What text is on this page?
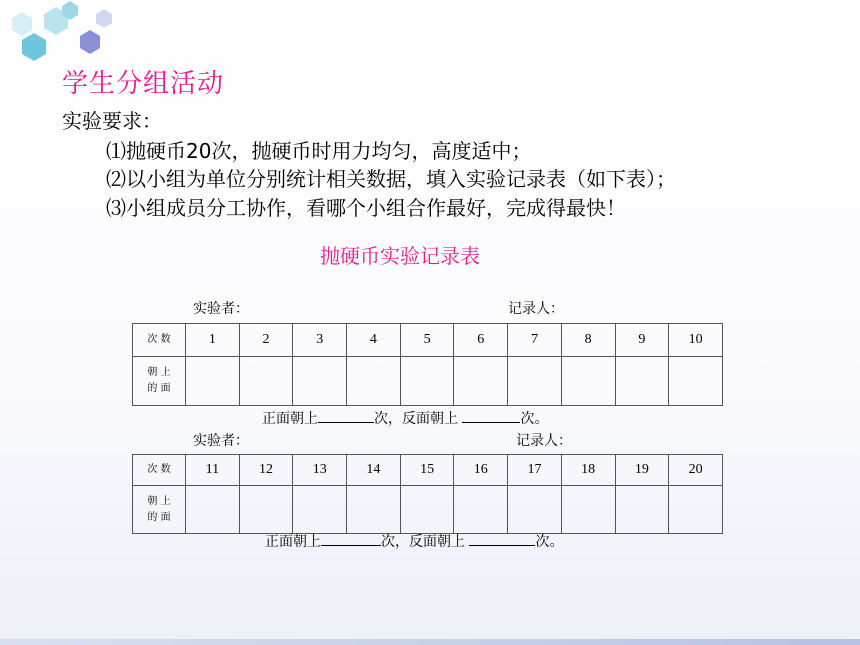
学生分组活动
实验要求：
⑴抛硬币20次，抛硬币时用力均匀，高度适中；
⑵以小组为单位分别统计相关数据，填入实验记录表（如下表）；
⑶小组成员分工协作，看哪个小组合作最好，完成得最快！
抛硬币实验记录表
实验者：	记录人：
次 数	1	2	3	4	5	6	7	8	9	10

朝 上
的 面										

正面朝上	次，反面朝上	次。
实验者：	记录人：
次 数	11	12	13	14	15	16	17	18	19	20

朝 上
的 面										

正面朝上	次，反面朝上	次。
